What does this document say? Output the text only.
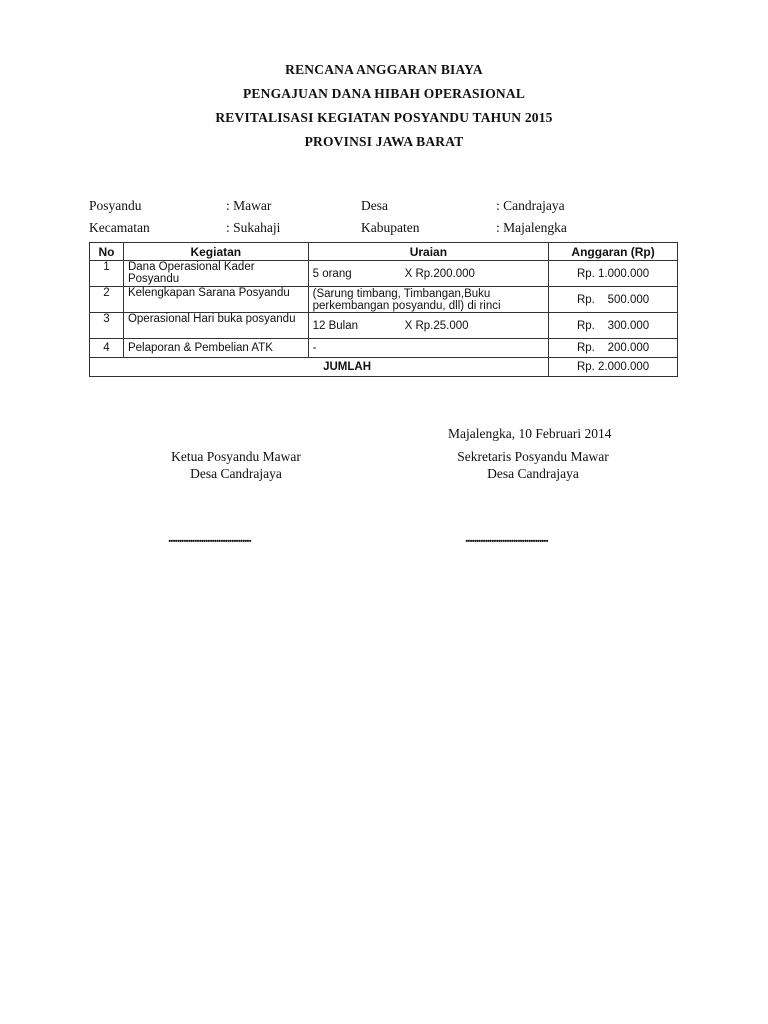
RENCANA ANGGARAN BIAYA
PENGAJUAN DANA HIBAH OPERASIONAL
REVITALISASI KEGIATAN POSYANDU TAHUN 2015
PROVINSI JAWA BARAT
Posyandu	: Mawar	Desa	: Candrajaya
Kecamatan	: Sukahaji	Kabupaten	: Majalengka
No	Kegiatan	Uraian	Anggaran (Rp)
1	Dana Operasional Kader Posyandu	5 orang X Rp.200.000	Rp. 1.000.000
2	Kelengkapan Sarana Posyandu	(Sarung timbang, Timbangan,Buku perkembangan posyandu, dll) di rinci	Rp.    500.000
3	Operasional Hari buka posyandu	12 Bulan X Rp.25.000	Rp.    300.000
4	Pelaporan & Pembelian ATK	-	Rp.    200.000
JUMLAH			Rp. 2.000.000
Majalengka, 10 Februari 2014
Ketua Posyandu Mawar
Desa Candrajaya
Sekretaris Posyandu Mawar
Desa Candrajaya
......................................	......................................
